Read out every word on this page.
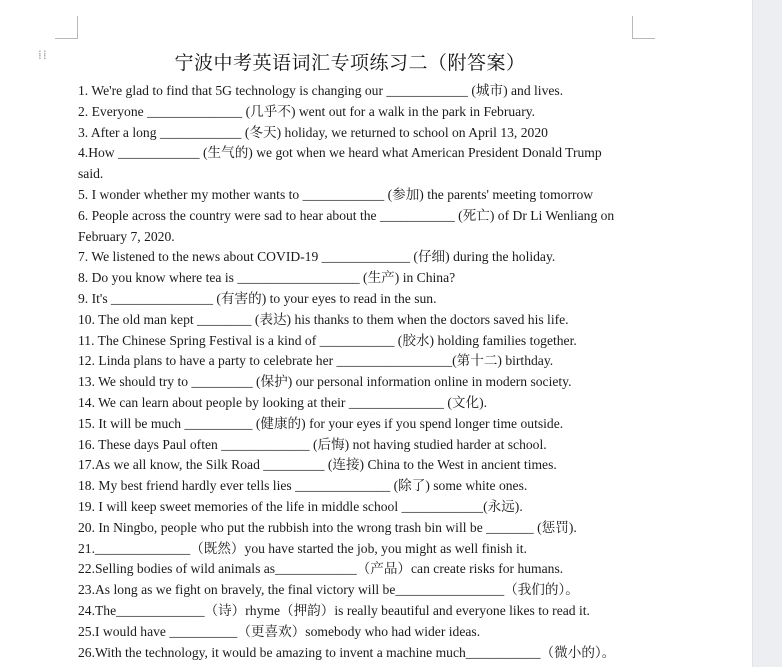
⁞⁞	宁波中考英语词汇专项练习二（附答案）

1. We're glad to find that 5G technology is changing our ____________ (城市) and lives.

2. Everyone ______________ (几乎不) went out for a walk in the park in February.

3. After a long ____________ (冬天) holiday, we returned to school on April 13, 2020

4.How ____________ (生气的) we got when we heard what American President Donald Trump

said.

5. I wonder whether my mother wants to ____________ (参加) the parents' meeting tomorrow

6. People across the country were sad to hear about the ___________ (死亡) of Dr Li Wenliang on

February 7, 2020.

7. We listened to the news about COVID-19 _____________ (仔细) during the holiday.

8. Do you know where tea is __________________ (生产) in China?

9. It's _______________ (有害的) to your eyes to read in the sun.

10. The old man kept ________ (表达) his thanks to them when the doctors saved his life.

11. The Chinese Spring Festival is a kind of ___________ (胶水) holding families together.

12. Linda plans to have a party to celebrate her _________________(第十二) birthday.

13. We should try to _________ (保护) our personal information online in modern society.

14. We can learn about people by looking at their ______________ (文化).

15. It will be much __________ (健康的) for your eyes if you spend longer time outside.

16. These days Paul often _____________ (后悔) not having studied harder at school.

17.As we all know, the Silk Road _________ (连接) China to the West in ancient times.

18. My best friend hardly ever tells lies ______________ (除了) some white ones.

19. I will keep sweet memories of the life in middle school ____________(永远).

20. In Ningbo, people who put the rubbish into the wrong trash bin will be _______ (惩罚).

21.______________（既然）you have started the job, you might as well finish it.

22.Selling bodies of wild animals as____________（产品）can create risks for humans.

23.As long as we fight on bravely, the final victory will be________________（我们的）。

24.The_____________（诗）rhyme（押韵）is really beautiful and everyone likes to read it.

25.I would have __________（更喜欢）somebody who had wider ideas.

26.With the technology, it would be amazing to invent a machine much___________（微小的）。
